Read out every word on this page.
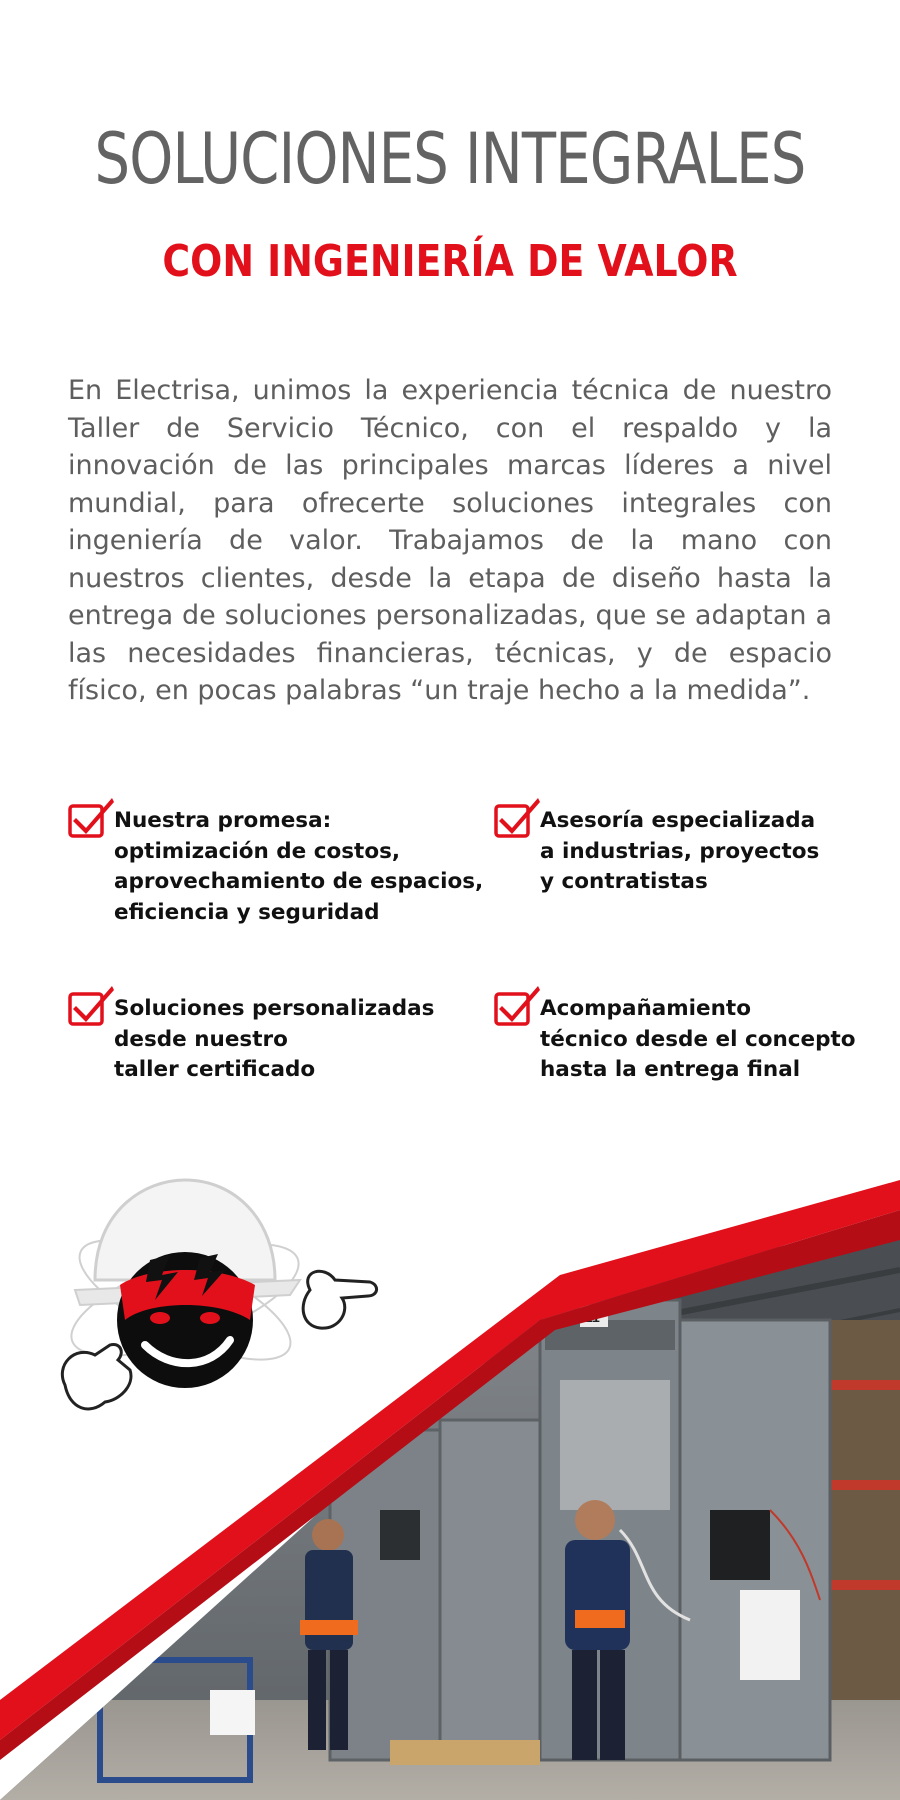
SOLUCIONES INTEGRALES
CON INGENIERÍA DE VALOR

En Electrisa, unimos la experiencia técnica de nuestro Taller de Servicio Técnico, con el respaldo y la innovación de las principales marcas líderes a nivel mundial, para ofrecerte soluciones integrales con ingeniería de valor. Trabajamos de la mano con nuestros clientes, desde la etapa de diseño hasta la entrega de soluciones personalizadas, que se adaptan a las necesidades financieras, técnicas, y de espacio físico, en pocas palabras “un traje hecho a la medida”.

Nuestra promesa:
optimización de costos,
aprovechamiento de espacios,
eficiencia y seguridad
Asesoría especializada
a industrias, proyectos
y contratistas
Soluciones personalizadas
desde nuestro
taller certificado
Acompañamiento
técnico desde el concepto
hasta la entrega final
